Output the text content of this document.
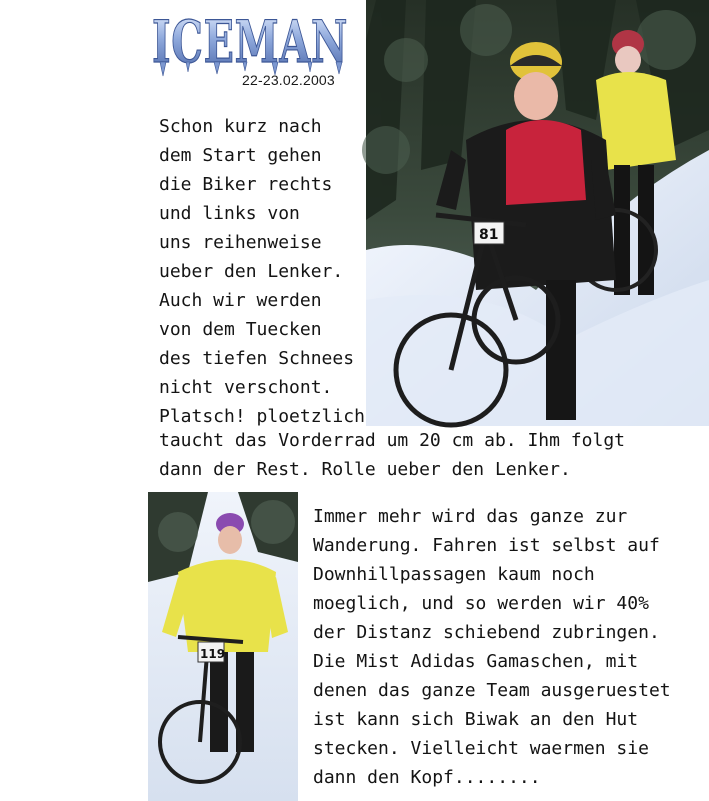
ICEMAN
22-23.02.2003
81
119
Schon kurz nach
dem Start gehen
die Biker rechts
und links von
uns reihenweise
ueber den Lenker.
Auch wir werden
von dem Tuecken
des tiefen Schnees
nicht verschont.
Platsch! ploetzlich
taucht das Vorderrad um 20 cm ab. Ihm folgt
dann der Rest. Rolle ueber den Lenker.
Immer mehr wird das ganze zur
Wanderung. Fahren ist selbst auf
Downhillpassagen kaum noch
moeglich, und so werden wir 40%
der Distanz schiebend zubringen.
Die Mist Adidas Gamaschen, mit
denen das ganze Team ausgeruestet
ist kann sich Biwak an den Hut
stecken. Vielleicht waermen sie
dann den Kopf........
